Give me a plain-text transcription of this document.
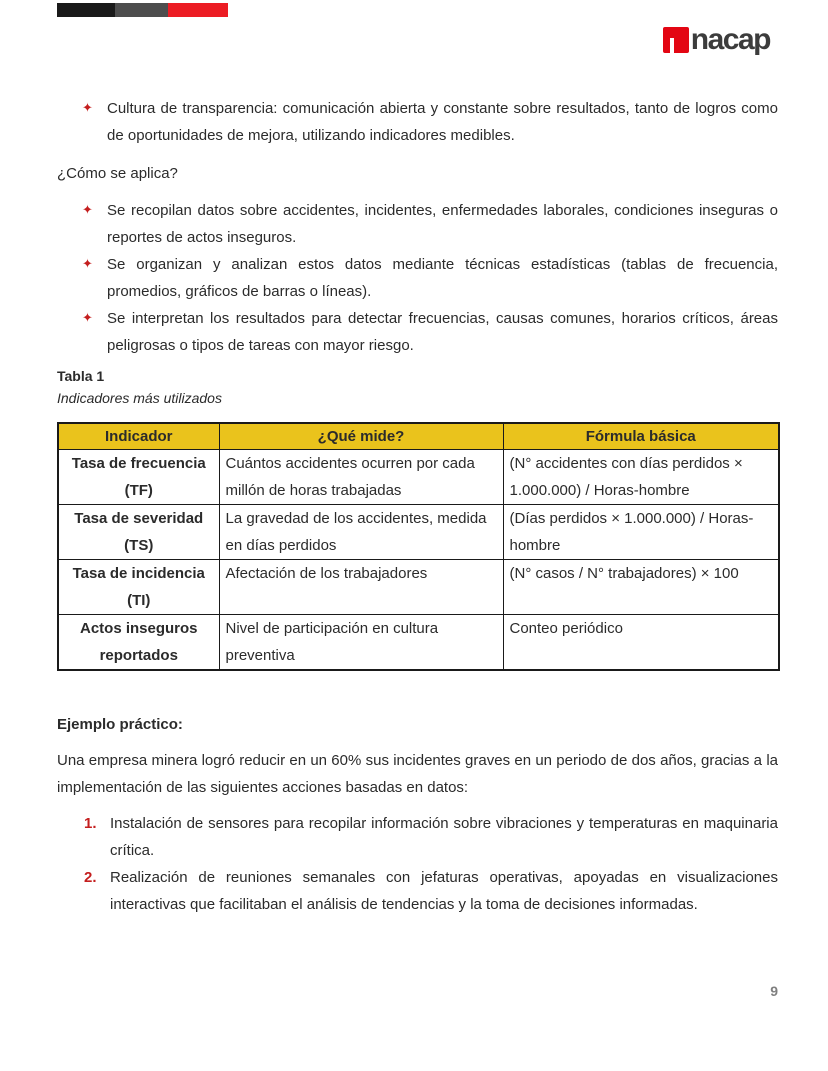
nacap
✦ Cultura de transparencia: comunicación abierta y constante sobre resultados, tanto de logros como de oportunidades de mejora, utilizando indicadores medibles.
¿Cómo se aplica?
✦ Se recopilan datos sobre accidentes, incidentes, enfermedades laborales, condiciones inseguras o reportes de actos inseguros.
✦ Se organizan y analizan estos datos mediante técnicas estadísticas (tablas de frecuencia, promedios, gráficos de barras o líneas).
✦ Se interpretan los resultados para detectar frecuencias, causas comunes, horarios críticos, áreas peligrosas o tipos de tareas con mayor riesgo.
Tabla 1
Indicadores más utilizados
Indicador	¿Qué mide?	Fórmula básica
Tasa de frecuencia (TF)	Cuántos accidentes ocurren por cada millón de horas trabajadas	(N° accidentes con días perdidos × 1.000.000) / Horas-hombre
Tasa de severidad (TS)	La gravedad de los accidentes, medida en días perdidos	(Días perdidos × 1.000.000) / Horas-hombre
Tasa de incidencia (TI)	Afectación de los trabajadores	(N° casos / N° trabajadores) × 100
Actos inseguros reportados	Nivel de participación en cultura preventiva	Conteo periódico
Ejemplo práctico:
Una empresa minera logró reducir en un 60% sus incidentes graves en un periodo de dos años, gracias a la implementación de las siguientes acciones basadas en datos:
1. Instalación de sensores para recopilar información sobre vibraciones y temperaturas en maquinaria crítica.
2. Realización de reuniones semanales con jefaturas operativas, apoyadas en visualizaciones interactivas que facilitaban el análisis de tendencias y la toma de decisiones informadas.
9
